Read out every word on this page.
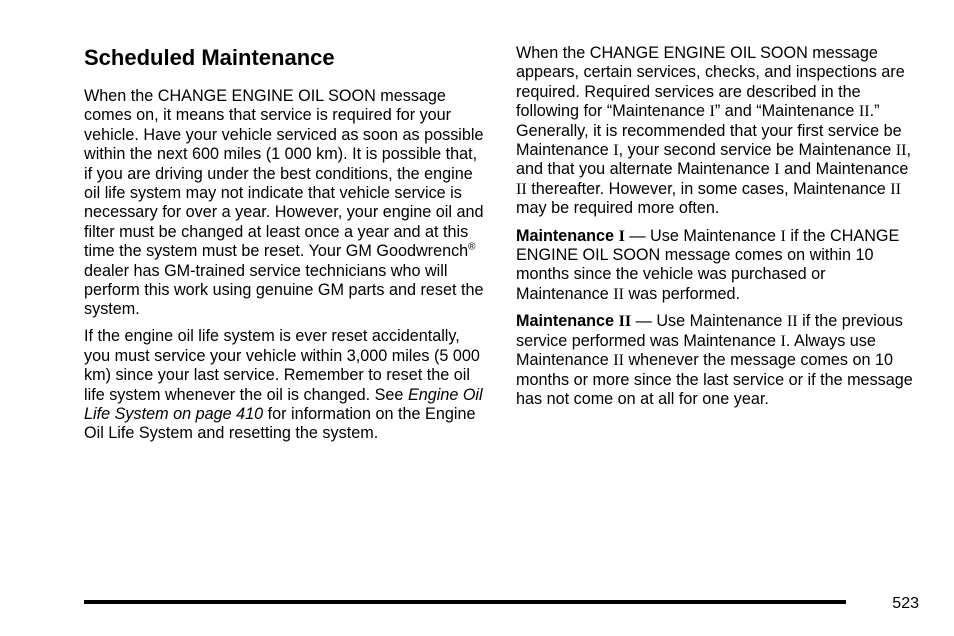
Scheduled Maintenance

When the CHANGE ENGINE OIL SOON message comes on, it means that service is required for your vehicle. Have your vehicle serviced as soon as possible within the next 600 miles (1 000 km). It is possible that, if you are driving under the best conditions, the engine oil life system may not indicate that vehicle service is necessary for over a year. However, your engine oil and filter must be changed at least once a year and at this time the system must be reset. Your GM Goodwrench® dealer has GM-trained service technicians who will perform this work using genuine GM parts and reset the system.

If the engine oil life system is ever reset accidentally, you must service your vehicle within 3,000 miles (5 000 km) since your last service. Remember to reset the oil life system whenever the oil is changed. See Engine Oil Life System on page 410 for information on the Engine Oil Life System and resetting the system.

When the CHANGE ENGINE OIL SOON message appears, certain services, checks, and inspections are required. Required services are described in the following for “Maintenance I” and “Maintenance II.” Generally, it is recommended that your first service be Maintenance I, your second service be Maintenance II, and that you alternate Maintenance I and Maintenance II thereafter. However, in some cases, Maintenance II may be required more often.

Maintenance I — Use Maintenance I if the CHANGE ENGINE OIL SOON message comes on within 10 months since the vehicle was purchased or Maintenance II was performed.

Maintenance II — Use Maintenance II if the previous service performed was Maintenance I. Always use Maintenance II whenever the message comes on 10 months or more since the last service or if the message has not come on at all for one year.

523
